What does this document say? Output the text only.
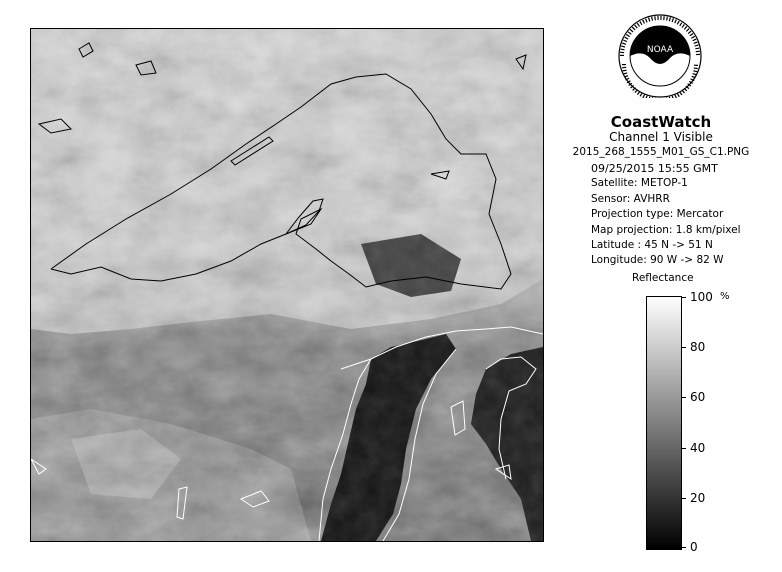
NOAA
CoastWatch
Channel 1 Visible
2015_268_1555_M01_GS_C1.PNG
09/25/2015 15:55 GMT
Satellite: METOP-1
Sensor: AVHRR
Projection type: Mercator
Map projection: 1.8 km/pixel
Latitude : 45 N -> 51 N
Longitude: 90 W -> 82 W
Reflectance
%
100
80
60
40
20
0
